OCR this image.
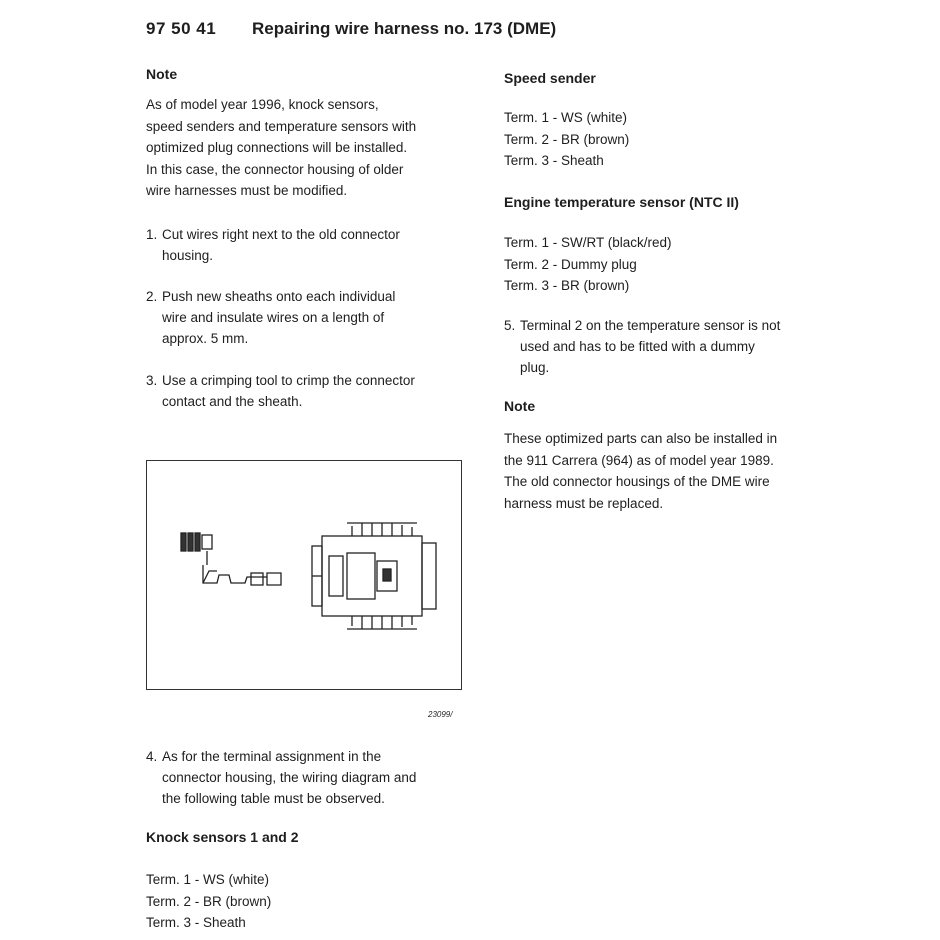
97 50 41 Repairing wire harness no. 173 (DME)
Note
As of model year 1996, knock sensors,
speed senders and temperature sensors with
optimized plug connections will be installed.
In this case, the connector housing of older
wire harnesses must be modified.
1. Cut wires right next to the old connector
housing.
2. Push new sheaths onto each individual
wire and insulate wires on a length of
approx. 5 mm.
3. Use a crimping tool to crimp the connector
contact and the sheath.
23099/
4. As for the terminal assignment in the
connector housing, the wiring diagram and
the following table must be observed.
Knock sensors 1 and 2
Term. 1 - WS (white)
Term. 2 - BR (brown)
Term. 3 - Sheath
Speed sender
Term. 1 - WS (white)
Term. 2 - BR (brown)
Term. 3 - Sheath
Engine temperature sensor (NTC II)
Term. 1 - SW/RT (black/red)
Term. 2 - Dummy plug
Term. 3 - BR (brown)
5. Terminal 2 on the temperature sensor is not
used and has to be fitted with a dummy
plug.
Note
These optimized parts can also be installed in
the 911 Carrera (964) as of model year 1989.
The old connector housings of the DME wire
harness must be replaced.
